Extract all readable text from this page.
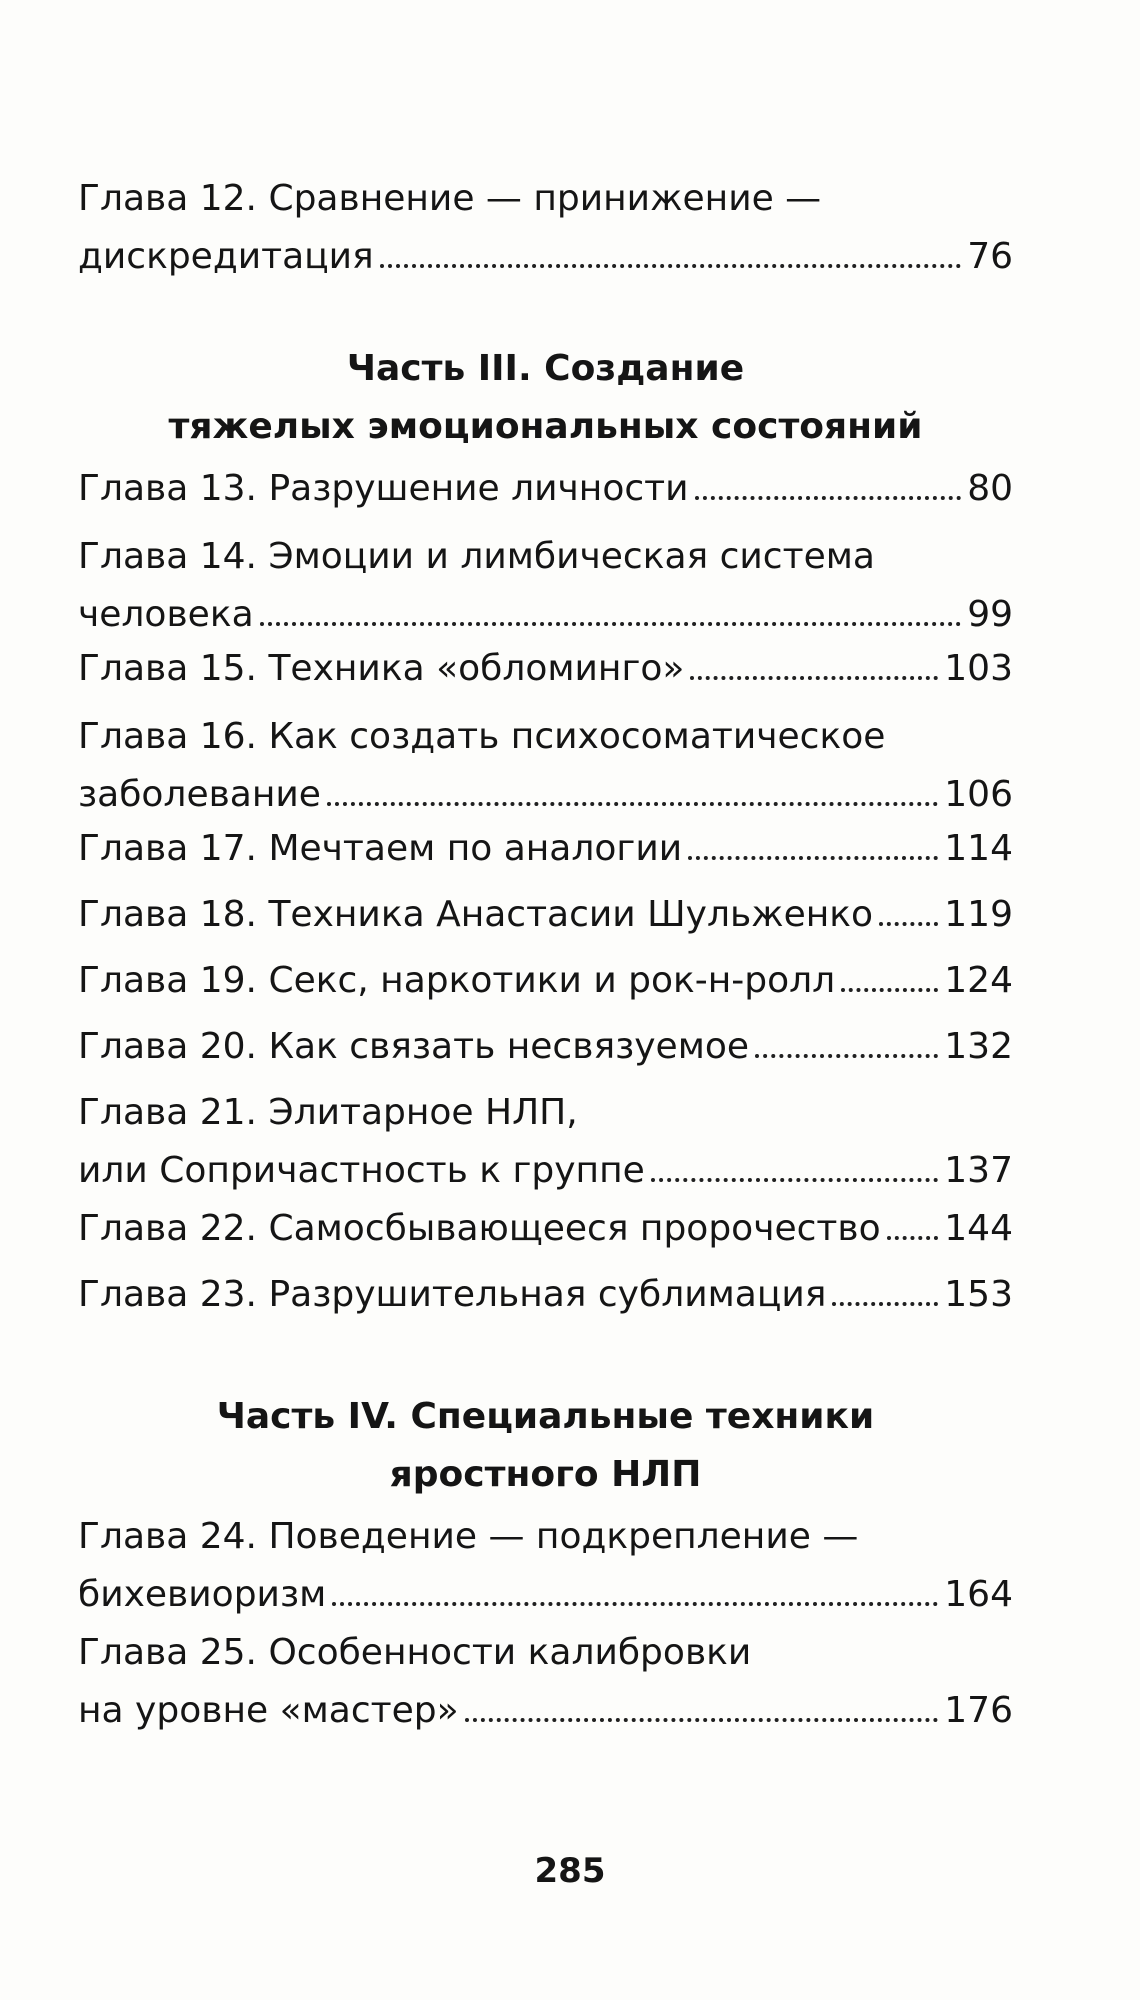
Глава 12. Сравнение — принижение —
дискредитация	76
Часть III. Создание
тяжелых эмоциональных состояний
Глава 13. Разрушение личности	80
Глава 14. Эмоции и лимбическая система
человека	99
Глава 15. Техника «обломинго»	103
Глава 16. Как создать психосоматическое
заболевание	106
Глава 17. Мечтаем по аналогии	114
Глава 18. Техника Анастасии Шульженко 119
Глава 19. Секс, наркотики и рок-н-ролл	124
Глава 20. Как связать несвязуемое	132
Глава 21. Элитарное НЛП,
или Сопричастность к группе	137
Глава 22. Самосбывающееся пророчество 144
Глава 23. Разрушительная сублимация	153
Часть IV. Специальные техники
яростного НЛП
Глава 24. Поведение — подкрепление —
бихевиоризм	164
Глава 25. Особенности калибровки
на уровне «мастер»	176
285
